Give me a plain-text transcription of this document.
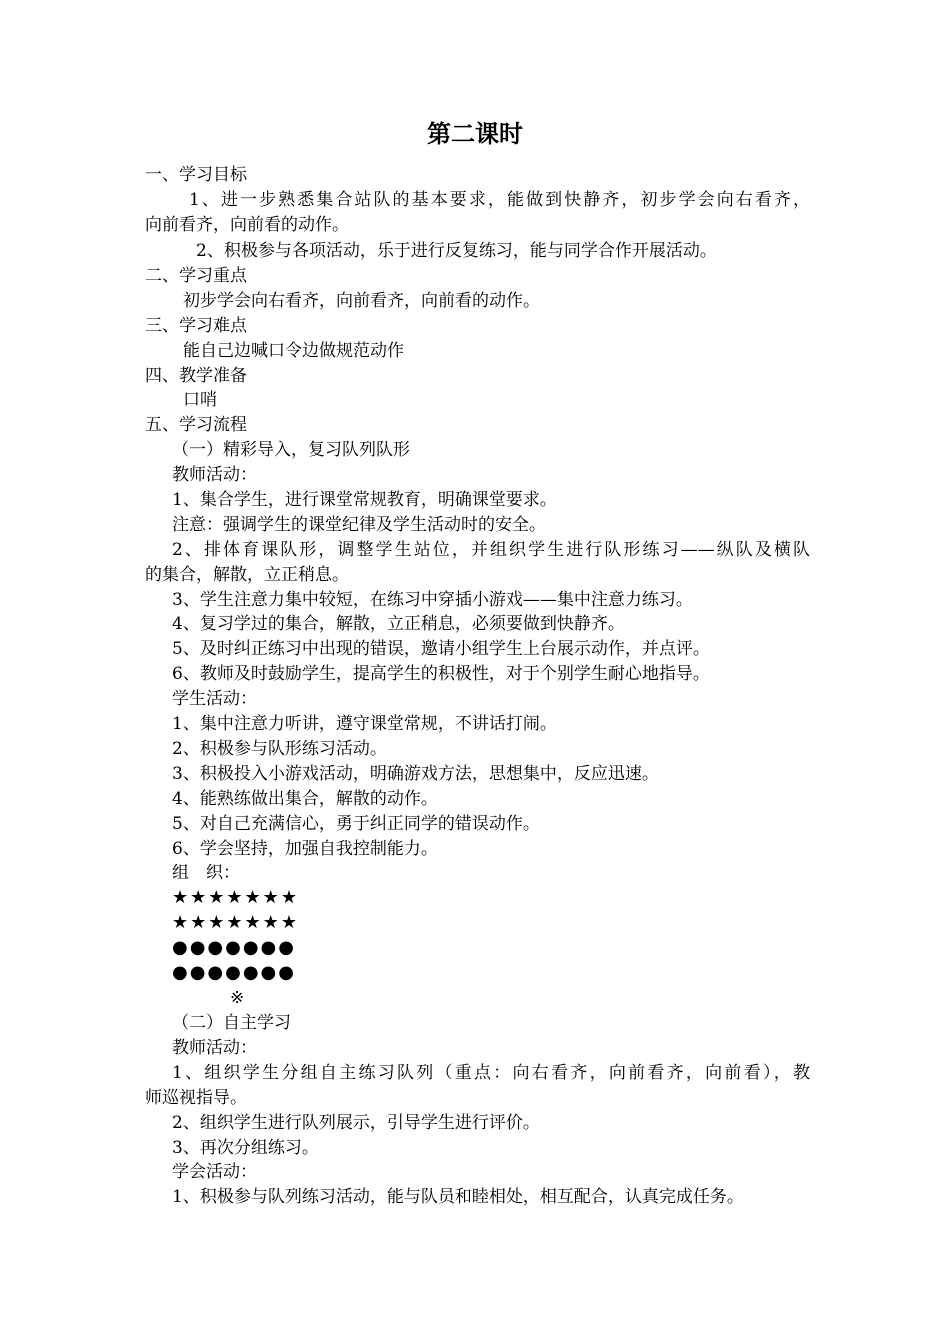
第二课时
一、学习目标
1、进一步熟悉集合站队的基本要求，能做到快静齐，初步学会向右看齐，
向前看齐，向前看的动作。
2、积极参与各项活动，乐于进行反复练习，能与同学合作开展活动。
二、学习重点
初步学会向右看齐，向前看齐，向前看的动作。
三、学习难点
能自己边喊口令边做规范动作
四、教学准备
口哨
五、学习流程
（一）精彩导入，复习队列队形
教师活动：
1、集合学生，进行课堂常规教育，明确课堂要求。
注意：强调学生的课堂纪律及学生活动时的安全。
2、排体育课队形，调整学生站位，并组织学生进行队形练习——纵队及横队
的集合，解散，立正稍息。
3、学生注意力集中较短，在练习中穿插小游戏——集中注意力练习。
4、复习学过的集合，解散，立正稍息，必须要做到快静齐。
5、及时纠正练习中出现的错误，邀请小组学生上台展示动作，并点评。
6、教师及时鼓励学生，提高学生的积极性，对于个别学生耐心地指导。
学生活动：
1、集中注意力听讲，遵守课堂常规，不讲话打闹。
2、积极参与队形练习活动。
3、积极投入小游戏活动，明确游戏方法，思想集中，反应迅速。
4、能熟练做出集合，解散的动作。
5、对自己充满信心，勇于纠正同学的错误动作。
6、学会坚持，加强自我控制能力。
组　织：
★★★★★★★
★★★★★★★
●●●●●●●
●●●●●●●
※
（二）自主学习
教师活动：
1、组织学生分组自主练习队列（重点：向右看齐，向前看齐，向前看），教
师巡视指导。
2、组织学生进行队列展示，引导学生进行评价。
3、再次分组练习。
学会活动：
1、积极参与队列练习活动，能与队员和睦相处，相互配合，认真完成任务。
